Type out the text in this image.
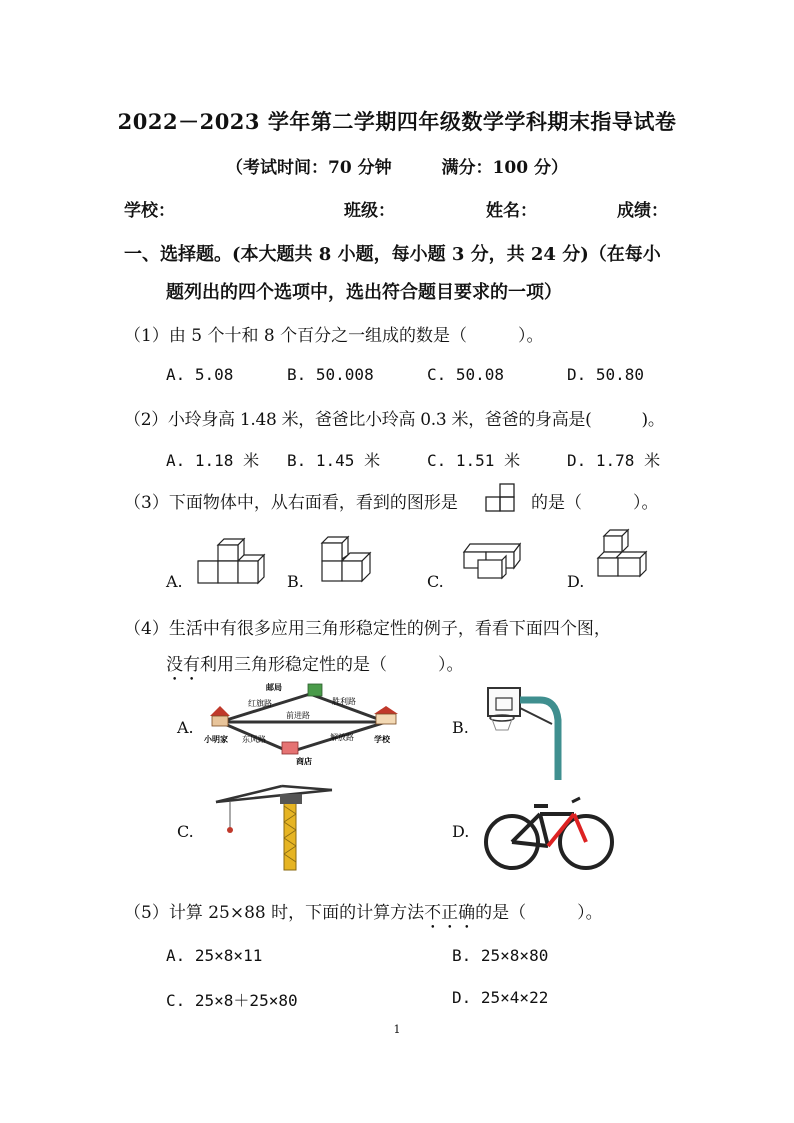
2022－2023 学年第二学期四年级数学学科期末指导试卷
（考试时间：70 分钟	满分：100 分）
学校：	班级：	姓名：	成绩：
一、选择题。(本大题共 8 小题，每小题 3 分，共 24 分)（在每小
题列出的四个选项中，选出符合题目要求的一项）
（1）由 5 个十和 8 个百分之一组成的数是（　　　）。
A. 5.08	B. 50.008	C. 50.08	D. 50.80
（2）小玲身高 1.48 米，爸爸比小玲高 0.3 米，爸爸的身高是(　　　)。
A. 1.18 米 B. 1.45 米	C. 1.51 米	D. 1.78 米
（3）下面物体中，从右面看，看到的图形是	的是（　　　）。
A.	B.	C.	D.
（4）生活中有很多应用三角形稳定性的例子，看看下面四个图，
没有利用三角形稳定性的是（　　　）。
A.	B.
C.	D.
邮局
小明家	学校
商店
红旗路
前进路
胜利路
东风路	解放路
（5）计算 25×88 时，下面的计算方法不正确的是（　　　）。
A. 25×8×11	B. 25×8×80
C. 25×8＋25×80	D. 25×4×22
1
